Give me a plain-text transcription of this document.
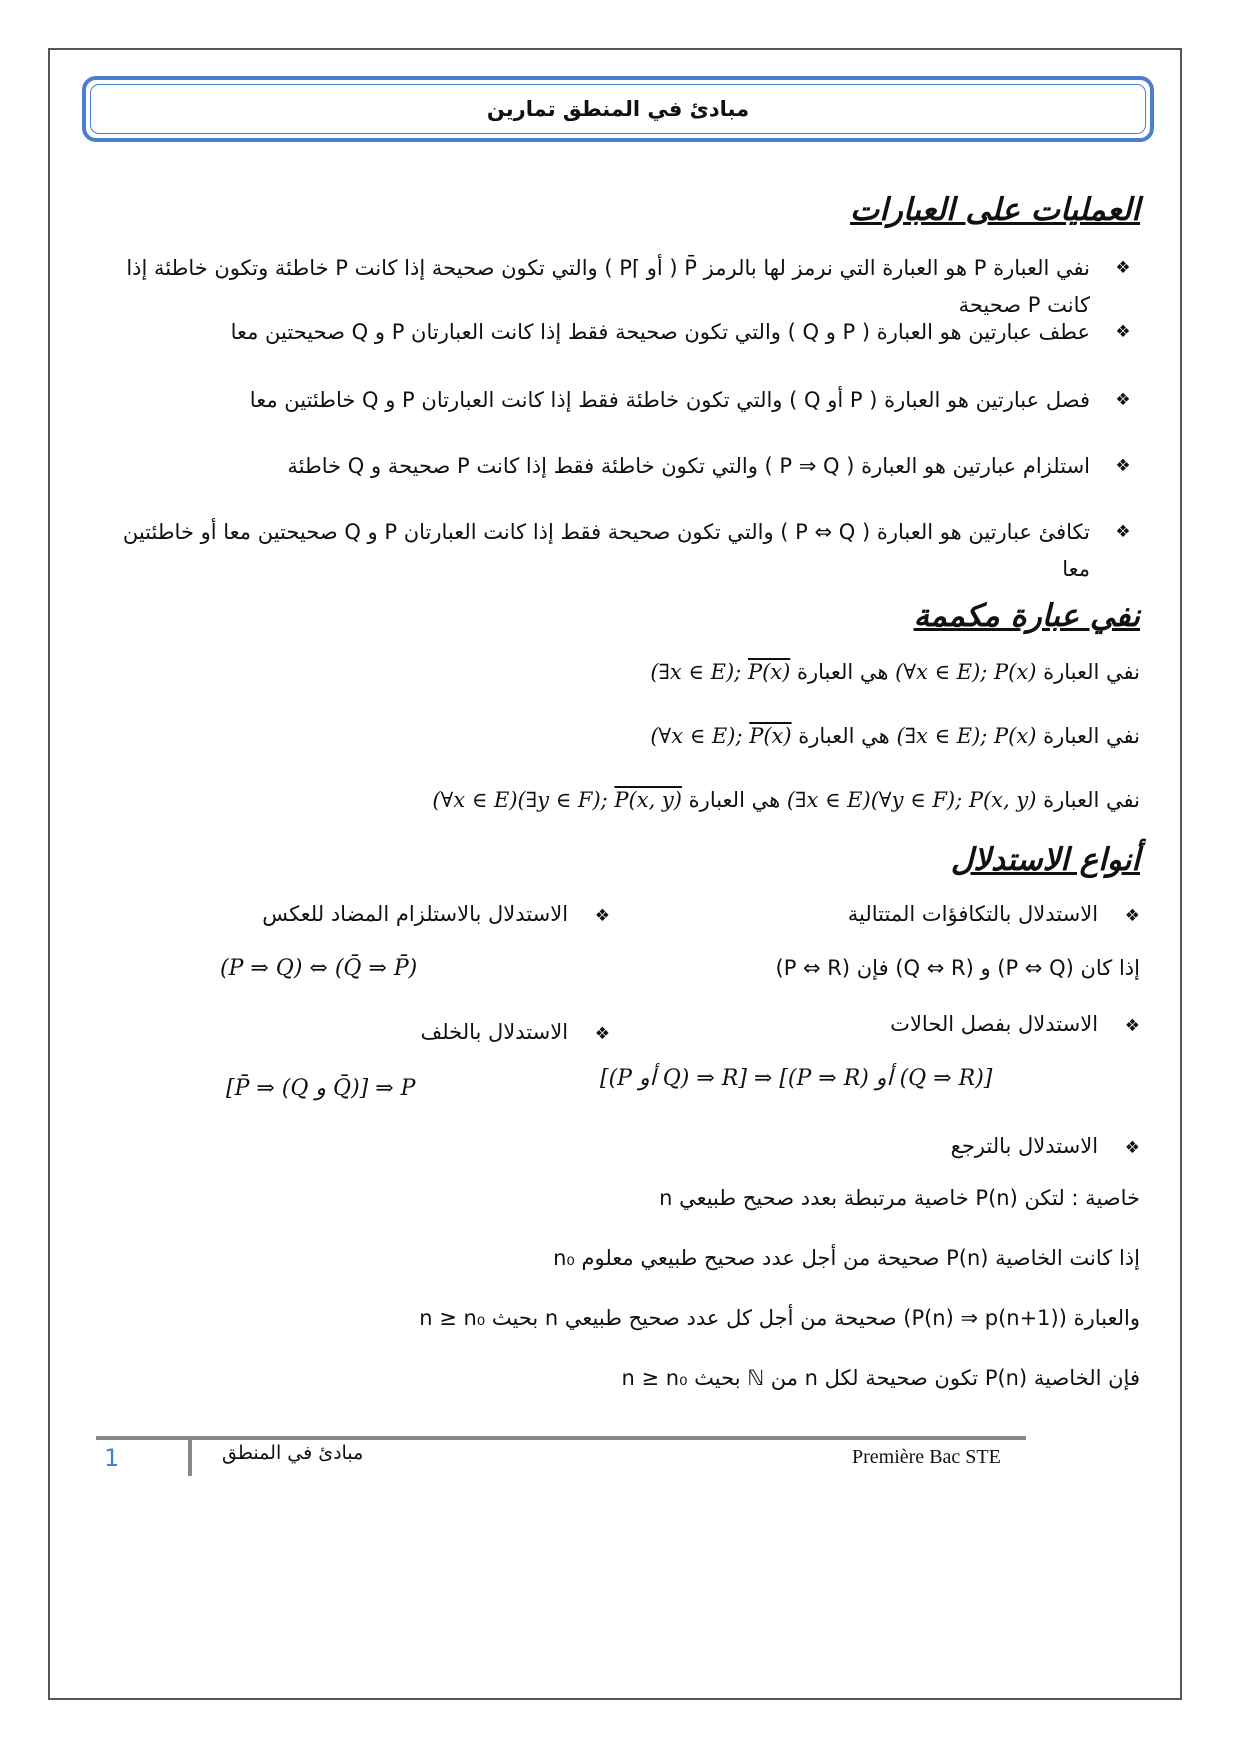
مبادئ في المنطق تمارين
العمليات على العبارات
❖
نفي العبارة P هو العبارة التي نرمز لها بالرمز P̄ ( أو ⌉P ) والتي تكون صحيحة إذا كانت P خاطئة وتكون خاطئة إذا كانت P صحيحة
❖
عطف عبارتين هو العبارة ( P و Q ) والتي تكون صحيحة فقط إذا كانت العبارتان P و Q صحيحتين معا
❖
فصل عبارتين هو العبارة ( P أو Q ) والتي تكون خاطئة فقط إذا كانت العبارتان P و Q خاطئتين معا
❖
استلزام عبارتين هو العبارة ( P ⇒ Q ) والتي تكون خاطئة فقط إذا كانت P صحيحة و Q خاطئة
❖
تكافئ عبارتين هو العبارة ( P ⇔ Q ) والتي تكون صحيحة فقط إذا كانت العبارتان P و Q صحيحتين معا أو خاطئتين معا
نفي عبارة مكممة
نفي العبارة (∀x ∈ E); P(x) هي العبارة (∃x ∈ E); P(x)
نفي العبارة (∃x ∈ E); P(x) هي العبارة (∀x ∈ E); P(x)
نفي العبارة (∃x ∈ E)(∀y ∈ F); P(x, y) هي العبارة (∀x ∈ E)(∃y ∈ F); P(x, y)
أنواع الاستدلال
❖    الاستدلال بالتكافؤات المتتالية
إذا كان (P ⇔ Q) و (Q ⇔ R) فإن (P ⇔ R)
❖    الاستدلال بفصل الحالات
[(P أو Q) ⇒ R] ⇒ [(P ⇒ R) أو (Q ⇒ R)]
❖    الاستدلال بالترجع
❖    الاستدلال بالاستلزام المضاد للعكس
(P ⇒ Q) ⇔ (Q̄ ⇒ P̄)
❖    الاستدلال بالخلف
[P̄ ⇒ (Q و Q̄)] ⇒ P
خاصية : لتكن P(n) خاصية مرتبطة بعدد صحيح طبيعي n
إذا كانت الخاصية P(n) صحيحة من أجل عدد صحيح طبيعي معلوم n₀
والعبارة (P(n) ⇒ p(n+1)) صحيحة من أجل كل عدد صحيح طبيعي n بحيث n ≥ n₀
فإن الخاصية P(n) تكون صحيحة لكل n من ℕ بحيث n ≥ n₀
1	مبادئ في المنطق	Première Bac STE
